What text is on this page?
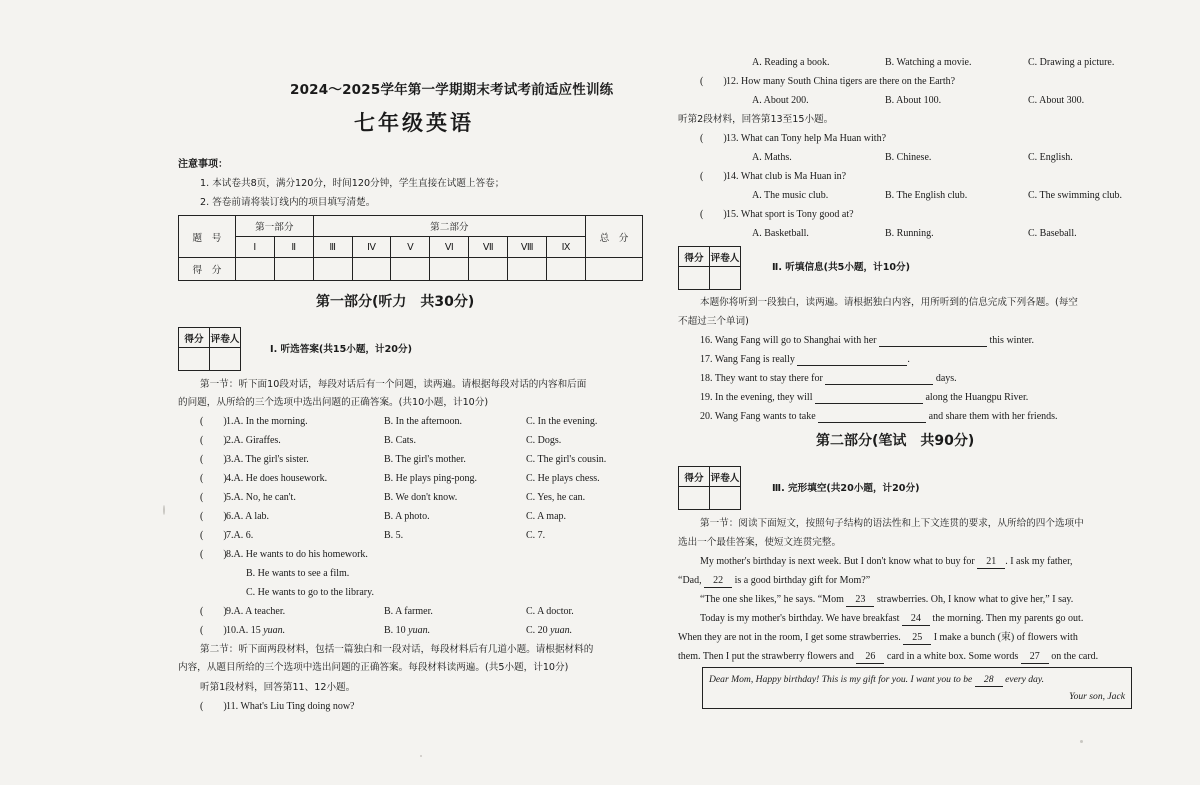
2024～2025学年第一学期期末考试考前适应性训练
七年级英语
注意事项：
1. 本试卷共8页，满分120分，时间120分钟，学生直接在试题上答卷；
2. 答卷前请将装订线内的项目填写清楚。
题　号	第一部分		第二部分							总　分
	Ⅰ	Ⅱ	Ⅲ	Ⅳ	Ⅴ	Ⅵ	Ⅶ	Ⅷ	Ⅸ	
得　分										
第一部分(听力　共30分)
得分	评卷人

Ⅰ. 听选答案(共15小题，计20分)
第一节：听下面10段对话，每段对话后有一个问题，读两遍。请根据每段对话的内容和后面
的问题，从所给的三个选项中选出问题的正确答案。(共10小题，计10分)
(　　)1.A. In the morning.	B. In the afternoon.	C. In the evening.
(　　)2.A. Giraffes.	B. Cats.	C. Dogs.
(　　)3.A. The girl's sister.	B. The girl's mother.	C. The girl's cousin.
(　　)4.A. He does housework.	B. He plays ping-pong.	C. He plays chess.
(　　)5.A. No, he can't.	B. We don't know.	C. Yes, he can.
(　　)6.A. A lab.	B. A photo.	C. A map.
(　　)7.A. 6.	B. 5.	C. 7.
(　　)8.A. He wants to do his homework.
B. He wants to see a film.
C. He wants to go to the library.
(　　)9.A. A teacher.	B. A farmer.	C. A doctor.
(　　)10.A. 15 yuan.	B. 10 yuan.	C. 20 yuan.
第二节：听下面两段材料，包括一篇独白和一段对话，每段材料后有几道小题。请根据材料的
内容，从题目所给的三个选项中选出问题的正确答案。每段材料读两遍。(共5小题，计10分)
听第1段材料，回答第11、12小题。
(　　)11. What's Liu Ting doing now?
A. Reading a book.	B. Watching a movie.	C. Drawing a picture.
(　　)12. How many South China tigers are there on the Earth?
A. About 200.	B. About 100.	C. About 300.
听第2段材料，回答第13至15小题。
(　　)13. What can Tony help Ma Huan with?
A. Maths.	B. Chinese.	C. English.
(　　)14. What club is Ma Huan in?
A. The music club.	B. The English club.	C. The swimming club.
(　　)15. What sport is Tony good at?
A. Basketball.	B. Running.	C. Baseball.
得分	评卷人

Ⅱ. 听填信息(共5小题，计10分)
本题你将听到一段独白，读两遍。请根据独白内容，用所听到的信息完成下列各题。(每空
不超过三个单词)
16. Wang Fang will go to Shanghai with her	this winter.
17. Wang Fang is really	.
18. They want to stay there for	days.
19. In the evening, they will	along the Huangpu River.
20. Wang Fang wants to take	and share them with her friends.
第二部分(笔试　共90分)
得分	评卷人

Ⅲ. 完形填空(共20小题，计20分)
第一节：阅读下面短文，按照句子结构的语法性和上下文连贯的要求，从所给的四个选项中
选出一个最佳答案，使短文连贯完整。
My mother's birthday is next week. But I don't know what to buy for 21 . I ask my father,
“Dad, 22 is a good birthday gift for Mom?”
“The one she likes,” he says. “Mom 23 strawberries. Oh, I know what to give her,” I say.
Today is my mother's birthday. We have breakfast 24 the morning. Then my parents go out.
When they are not in the room, I get some strawberries. 25 I make a bunch (束) of flowers with
them. Then I put the strawberry flowers and 26 card in a white box. Some words 27 on the card.
Dear Mom, Happy birthday! This is my gift for you. I want you to be 28 every day.
Your son, Jack
